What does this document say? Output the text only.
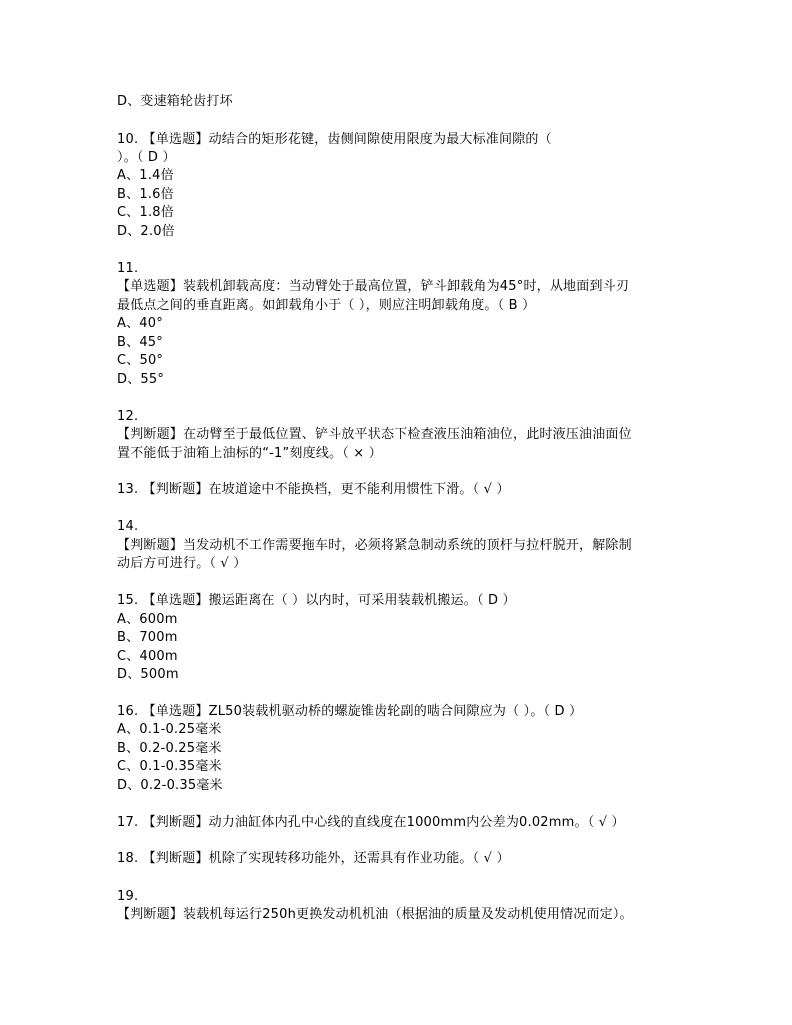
D、变速箱轮齿打坏
10. 【单选题】动结合的矩形花键，齿侧间隙使用限度为最大标准间隙的（
）。（ D ）
A、1.4倍
B、1.6倍
C、1.8倍
D、2.0倍
11.
【单选题】装载机卸载高度：当动臂处于最高位置，铲斗卸载角为45°时，从地面到斗刃
最低点之间的垂直距离。如卸载角小于（ ），则应注明卸载角度。（ B ）
A、40°
B、45°
C、50°
D、55°
12.
【判断题】在动臂至于最低位置、铲斗放平状态下检查液压油箱油位，此时液压油油面位
置不能低于油箱上油标的“-1”刻度线。（ × ）
13. 【判断题】在坡道途中不能换档，更不能利用惯性下滑。（ √ ）
14.
【判断题】当发动机不工作需要拖车时，必须将紧急制动系统的顶杆与拉杆脱开，解除制
动后方可进行。（ √ ）
15. 【单选题】搬运距离在（ ）以内时，可采用装载机搬运。（ D ）
A、600m
B、700m
C、400m
D、500m
16. 【单选题】ZL50装载机驱动桥的螺旋锥齿轮副的啮合间隙应为（ ）。（ D ）
A、0.1-0.25毫米
B、0.2-0.25毫米
C、0.1-0.35毫米
D、0.2-0.35毫米
17. 【判断题】动力油缸体内孔中心线的直线度在1000mm内公差为0.02mm。（ √ ）
18. 【判断题】机除了实现转移功能外，还需具有作业功能。（ √ ）
19.
【判断题】装载机每运行250h更换发动机机油（根据油的质量及发动机使用情况而定）。
